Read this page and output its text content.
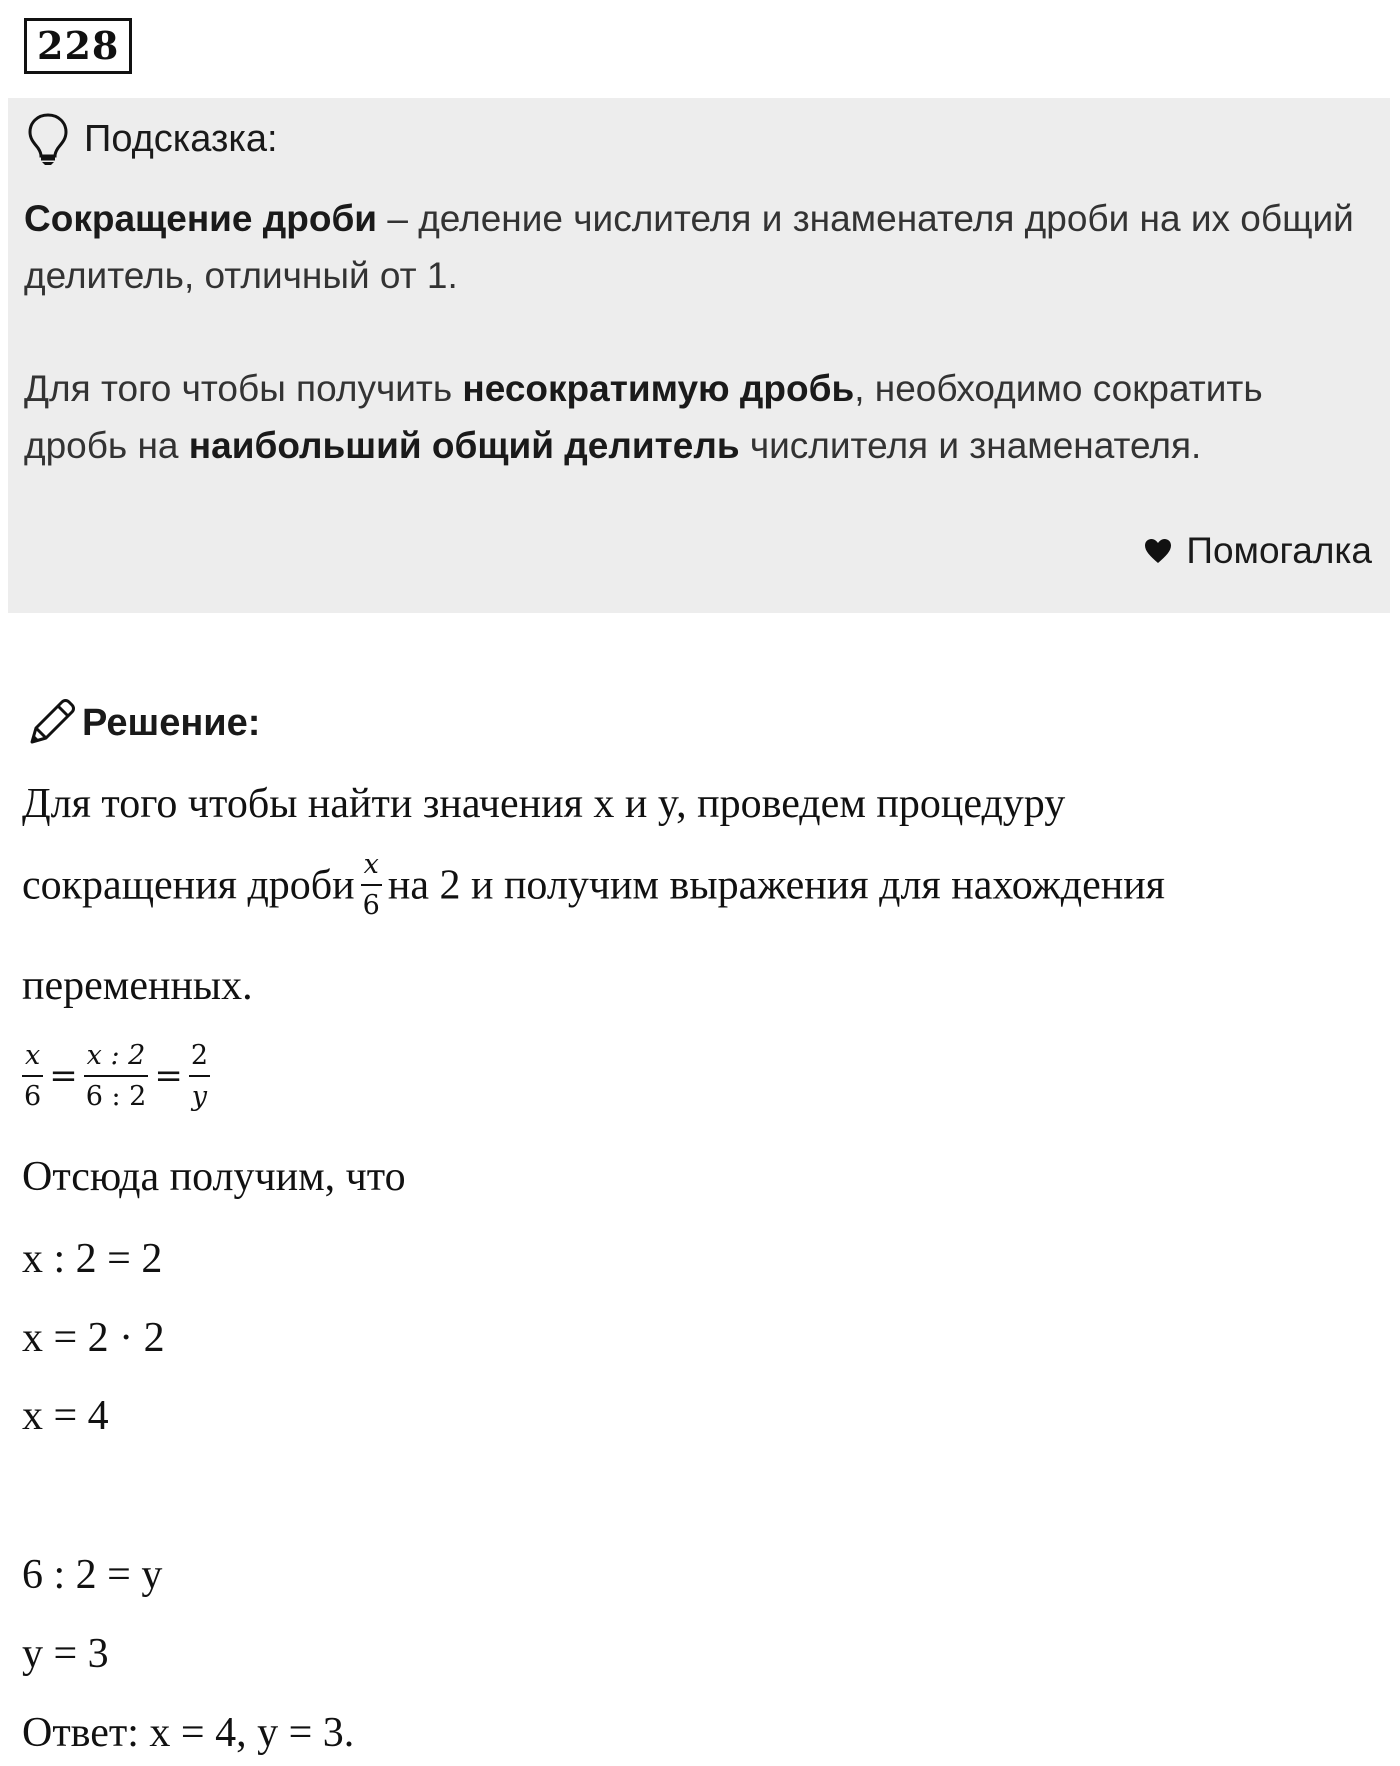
228
Подсказка:
Сокращение дроби – деление числителя и знаменателя дроби на их общий делитель, отличный от 1.
Для того чтобы получить несократимую дробь, необходимо сократить дробь на наибольший общий делитель числителя и знаменателя.
Помогалка
Решение:
Для того чтобы найти значения x и y, проведем процедуру
сокращения дроби $\frac{x}{6}$ на 2 и получим выражения для нахождения
переменных.
$\frac{x}{6} = \frac{x : 2}{6 : 2} = \frac{2}{y}$
Отсюда получим, что
x : 2 = 2
x = 2 · 2
x = 4
6 : 2 = y
y = 3
Ответ: x = 4, y = 3.
